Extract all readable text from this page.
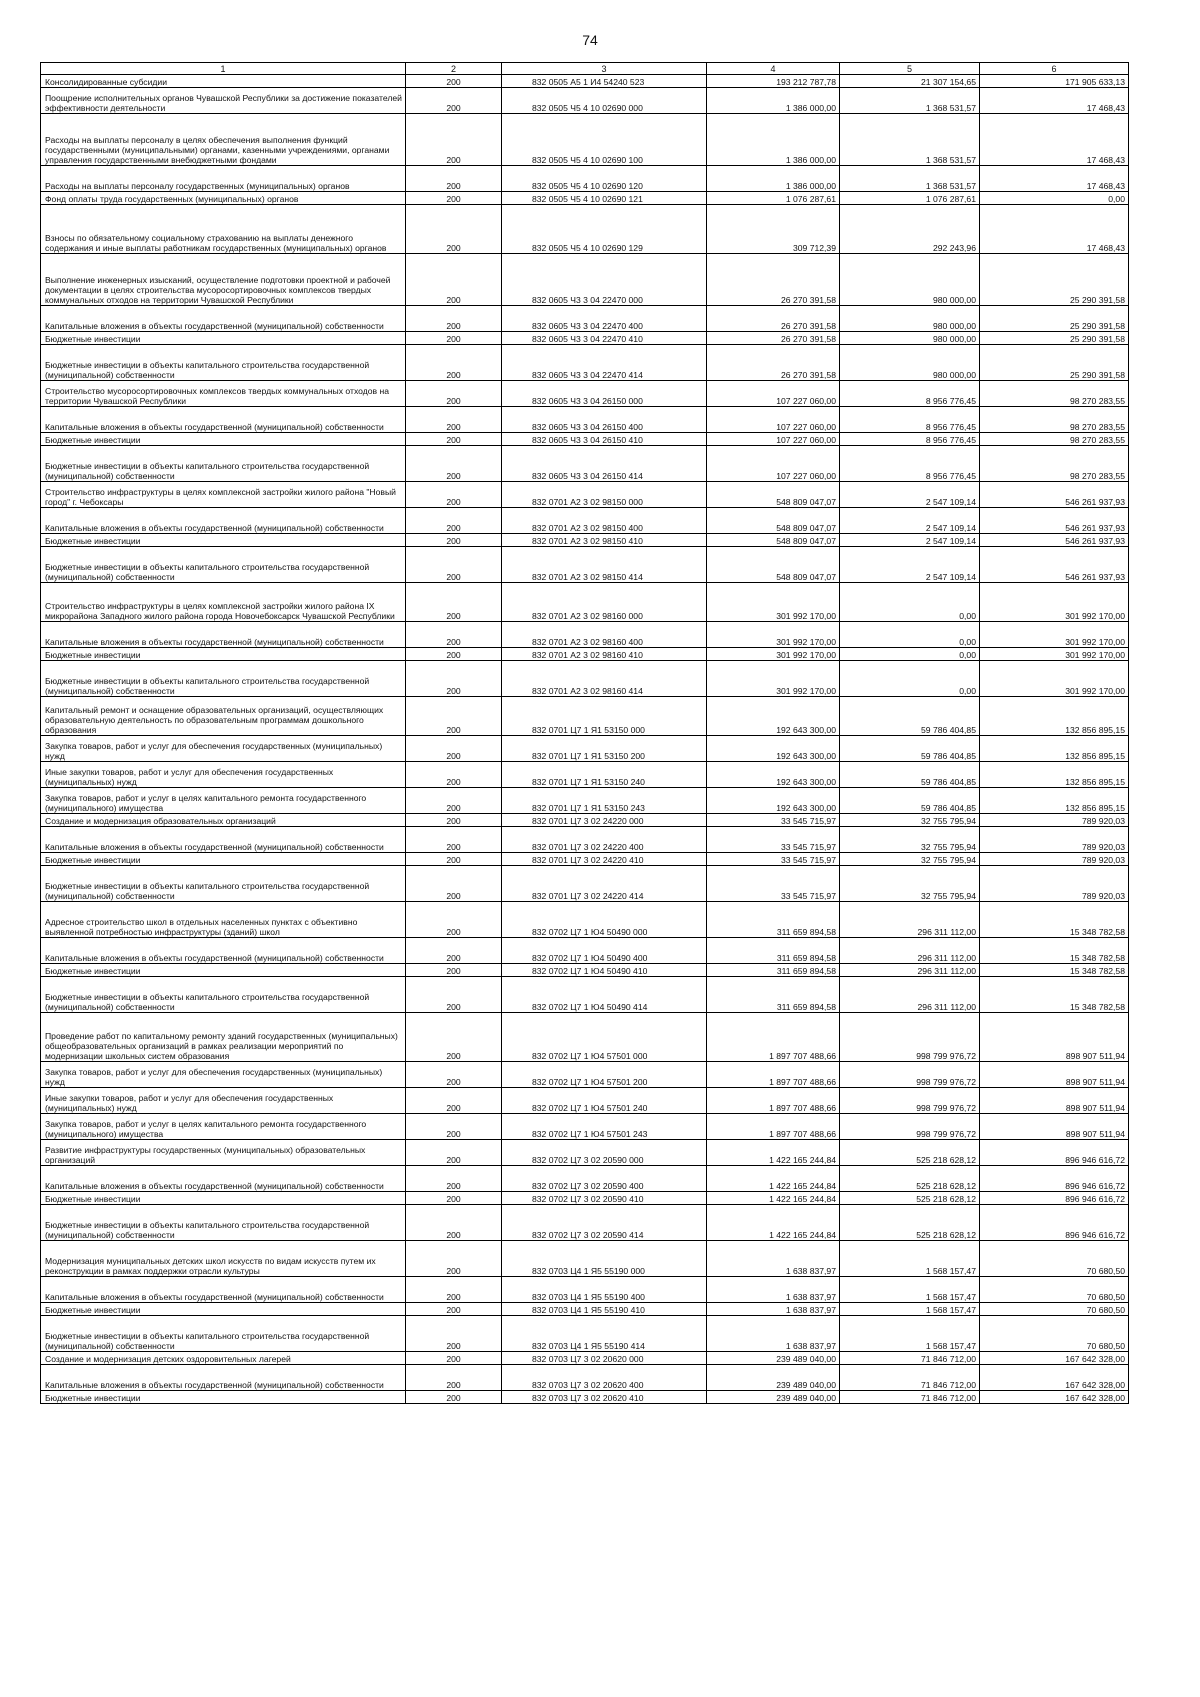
74
1	2	3	4	5	6
Консолидированные субсидии	200	832 0505 А5 1 И4 54240 523	193 212 787,78	21 307 154,65	171 905 633,13
Поощрение исполнительных органов Чувашской Республики за достижение показателей эффективности деятельности	200	832 0505 Ч5 4 10 02690 000	1 386 000,00	1 368 531,57	17 468,43
Расходы на выплаты персоналу в целях обеспечения выполнения функций государственными (муниципальными) органами, казенными учреждениями, органами управления государственными внебюджетными фондами	200	832 0505 Ч5 4 10 02690 100	1 386 000,00	1 368 531,57	17 468,43
Расходы на выплаты персоналу государственных (муниципальных) органов	200	832 0505 Ч5 4 10 02690 120	1 386 000,00	1 368 531,57	17 468,43
Фонд оплаты труда государственных (муниципальных) органов	200	832 0505 Ч5 4 10 02690 121	1 076 287,61	1 076 287,61	0,00
Взносы по обязательному социальному страхованию на выплаты денежного содержания и иные выплаты работникам государственных (муниципальных) органов	200	832 0505 Ч5 4 10 02690 129	309 712,39	292 243,96	17 468,43
Выполнение инженерных изысканий, осуществление подготовки проектной и рабочей документации в целях строительства мусоросортировочных комплексов твердых коммунальных отходов на территории Чувашской Республики	200	832 0605 Ч3 3 04 22470 000	26 270 391,58	980 000,00	25 290 391,58
Капитальные вложения в объекты государственной (муниципальной) собственности	200	832 0605 Ч3 3 04 22470 400	26 270 391,58	980 000,00	25 290 391,58
Бюджетные инвестиции	200	832 0605 Ч3 3 04 22470 410	26 270 391,58	980 000,00	25 290 391,58
Бюджетные инвестиции в объекты капитального строительства государственной (муниципальной) собственности	200	832 0605 Ч3 3 04 22470 414	26 270 391,58	980 000,00	25 290 391,58
Строительство мусоросортировочных комплексов твердых коммунальных отходов на территории Чувашской Республики	200	832 0605 Ч3 3 04 26150 000	107 227 060,00	8 956 776,45	98 270 283,55
Капитальные вложения в объекты государственной (муниципальной) собственности	200	832 0605 Ч3 3 04 26150 400	107 227 060,00	8 956 776,45	98 270 283,55
Бюджетные инвестиции	200	832 0605 Ч3 3 04 26150 410	107 227 060,00	8 956 776,45	98 270 283,55
Бюджетные инвестиции в объекты капитального строительства государственной (муниципальной) собственности	200	832 0605 Ч3 3 04 26150 414	107 227 060,00	8 956 776,45	98 270 283,55
Строительство инфраструктуры в целях комплексной застройки жилого района "Новый город" г. Чебоксары	200	832 0701 А2 3 02 98150 000	548 809 047,07	2 547 109,14	546 261 937,93
Капитальные вложения в объекты государственной (муниципальной) собственности	200	832 0701 А2 3 02 98150 400	548 809 047,07	2 547 109,14	546 261 937,93
Бюджетные инвестиции	200	832 0701 А2 3 02 98150 410	548 809 047,07	2 547 109,14	546 261 937,93
Бюджетные инвестиции в объекты капитального строительства государственной (муниципальной) собственности	200	832 0701 А2 3 02 98150 414	548 809 047,07	2 547 109,14	546 261 937,93
Строительство инфраструктуры в целях комплексной застройки жилого района IX микрорайона Западного жилого района города Новочебоксарск Чувашской Республики	200	832 0701 А2 3 02 98160 000	301 992 170,00	0,00	301 992 170,00
Капитальные вложения в объекты государственной (муниципальной) собственности	200	832 0701 А2 3 02 98160 400	301 992 170,00	0,00	301 992 170,00
Бюджетные инвестиции	200	832 0701 А2 3 02 98160 410	301 992 170,00	0,00	301 992 170,00
Бюджетные инвестиции в объекты капитального строительства государственной (муниципальной) собственности	200	832 0701 А2 3 02 98160 414	301 992 170,00	0,00	301 992 170,00
Капитальный ремонт и оснащение образовательных организаций, осуществляющих образовательную деятельность по образовательным программам дошкольного образования	200	832 0701 Ц7 1 Я1 53150 000	192 643 300,00	59 786 404,85	132 856 895,15
Закупка товаров, работ и услуг для обеспечения государственных (муниципальных) нужд	200	832 0701 Ц7 1 Я1 53150 200	192 643 300,00	59 786 404,85	132 856 895,15
Иные закупки товаров, работ и услуг для обеспечения государственных (муниципальных) нужд	200	832 0701 Ц7 1 Я1 53150 240	192 643 300,00	59 786 404,85	132 856 895,15
Закупка товаров, работ и услуг в целях капитального ремонта государственного (муниципального) имущества	200	832 0701 Ц7 1 Я1 53150 243	192 643 300,00	59 786 404,85	132 856 895,15
Создание и модернизация образовательных организаций	200	832 0701 Ц7 3 02 24220 000	33 545 715,97	32 755 795,94	789 920,03
Капитальные вложения в объекты государственной (муниципальной) собственности	200	832 0701 Ц7 3 02 24220 400	33 545 715,97	32 755 795,94	789 920,03
Бюджетные инвестиции	200	832 0701 Ц7 3 02 24220 410	33 545 715,97	32 755 795,94	789 920,03
Бюджетные инвестиции в объекты капитального строительства государственной (муниципальной) собственности	200	832 0701 Ц7 3 02 24220 414	33 545 715,97	32 755 795,94	789 920,03
Адресное строительство школ в отдельных населенных пунктах с объективно выявленной потребностью инфраструктуры (зданий) школ	200	832 0702 Ц7 1 Ю4 50490 000	311 659 894,58	296 311 112,00	15 348 782,58
Капитальные вложения в объекты государственной (муниципальной) собственности	200	832 0702 Ц7 1 Ю4 50490 400	311 659 894,58	296 311 112,00	15 348 782,58
Бюджетные инвестиции	200	832 0702 Ц7 1 Ю4 50490 410	311 659 894,58	296 311 112,00	15 348 782,58
Бюджетные инвестиции в объекты капитального строительства государственной (муниципальной) собственности	200	832 0702 Ц7 1 Ю4 50490 414	311 659 894,58	296 311 112,00	15 348 782,58
Проведение работ по капитальному ремонту зданий государственных (муниципальных) общеобразовательных организаций в рамках реализации мероприятий по модернизации школьных систем образования	200	832 0702 Ц7 1 Ю4 57501 000	1 897 707 488,66	998 799 976,72	898 907 511,94
Закупка товаров, работ и услуг для обеспечения государственных (муниципальных) нужд	200	832 0702 Ц7 1 Ю4 57501 200	1 897 707 488,66	998 799 976,72	898 907 511,94
Иные закупки товаров, работ и услуг для обеспечения государственных (муниципальных) нужд	200	832 0702 Ц7 1 Ю4 57501 240	1 897 707 488,66	998 799 976,72	898 907 511,94
Закупка товаров, работ и услуг в целях капитального ремонта государственного (муниципального) имущества	200	832 0702 Ц7 1 Ю4 57501 243	1 897 707 488,66	998 799 976,72	898 907 511,94
Развитие инфраструктуры государственных (муниципальных) образовательных организаций	200	832 0702 Ц7 3 02 20590 000	1 422 165 244,84	525 218 628,12	896 946 616,72
Капитальные вложения в объекты государственной (муниципальной) собственности	200	832 0702 Ц7 3 02 20590 400	1 422 165 244,84	525 218 628,12	896 946 616,72
Бюджетные инвестиции	200	832 0702 Ц7 3 02 20590 410	1 422 165 244,84	525 218 628,12	896 946 616,72
Бюджетные инвестиции в объекты капитального строительства государственной (муниципальной) собственности	200	832 0702 Ц7 3 02 20590 414	1 422 165 244,84	525 218 628,12	896 946 616,72
Модернизация муниципальных детских школ искусств по видам искусств путем их реконструкции в рамках поддержки отрасли культуры	200	832 0703 Ц4 1 Я5 55190 000	1 638 837,97	1 568 157,47	70 680,50
Капитальные вложения в объекты государственной (муниципальной) собственности	200	832 0703 Ц4 1 Я5 55190 400	1 638 837,97	1 568 157,47	70 680,50
Бюджетные инвестиции	200	832 0703 Ц4 1 Я5 55190 410	1 638 837,97	1 568 157,47	70 680,50
Бюджетные инвестиции в объекты капитального строительства государственной (муниципальной) собственности	200	832 0703 Ц4 1 Я5 55190 414	1 638 837,97	1 568 157,47	70 680,50
Создание и модернизация детских оздоровительных лагерей	200	832 0703 Ц7 3 02 20620 000	239 489 040,00	71 846 712,00	167 642 328,00
Капитальные вложения в объекты государственной (муниципальной) собственности	200	832 0703 Ц7 3 02 20620 400	239 489 040,00	71 846 712,00	167 642 328,00
Бюджетные инвестиции	200	832 0703 Ц7 3 02 20620 410	239 489 040,00	71 846 712,00	167 642 328,00
